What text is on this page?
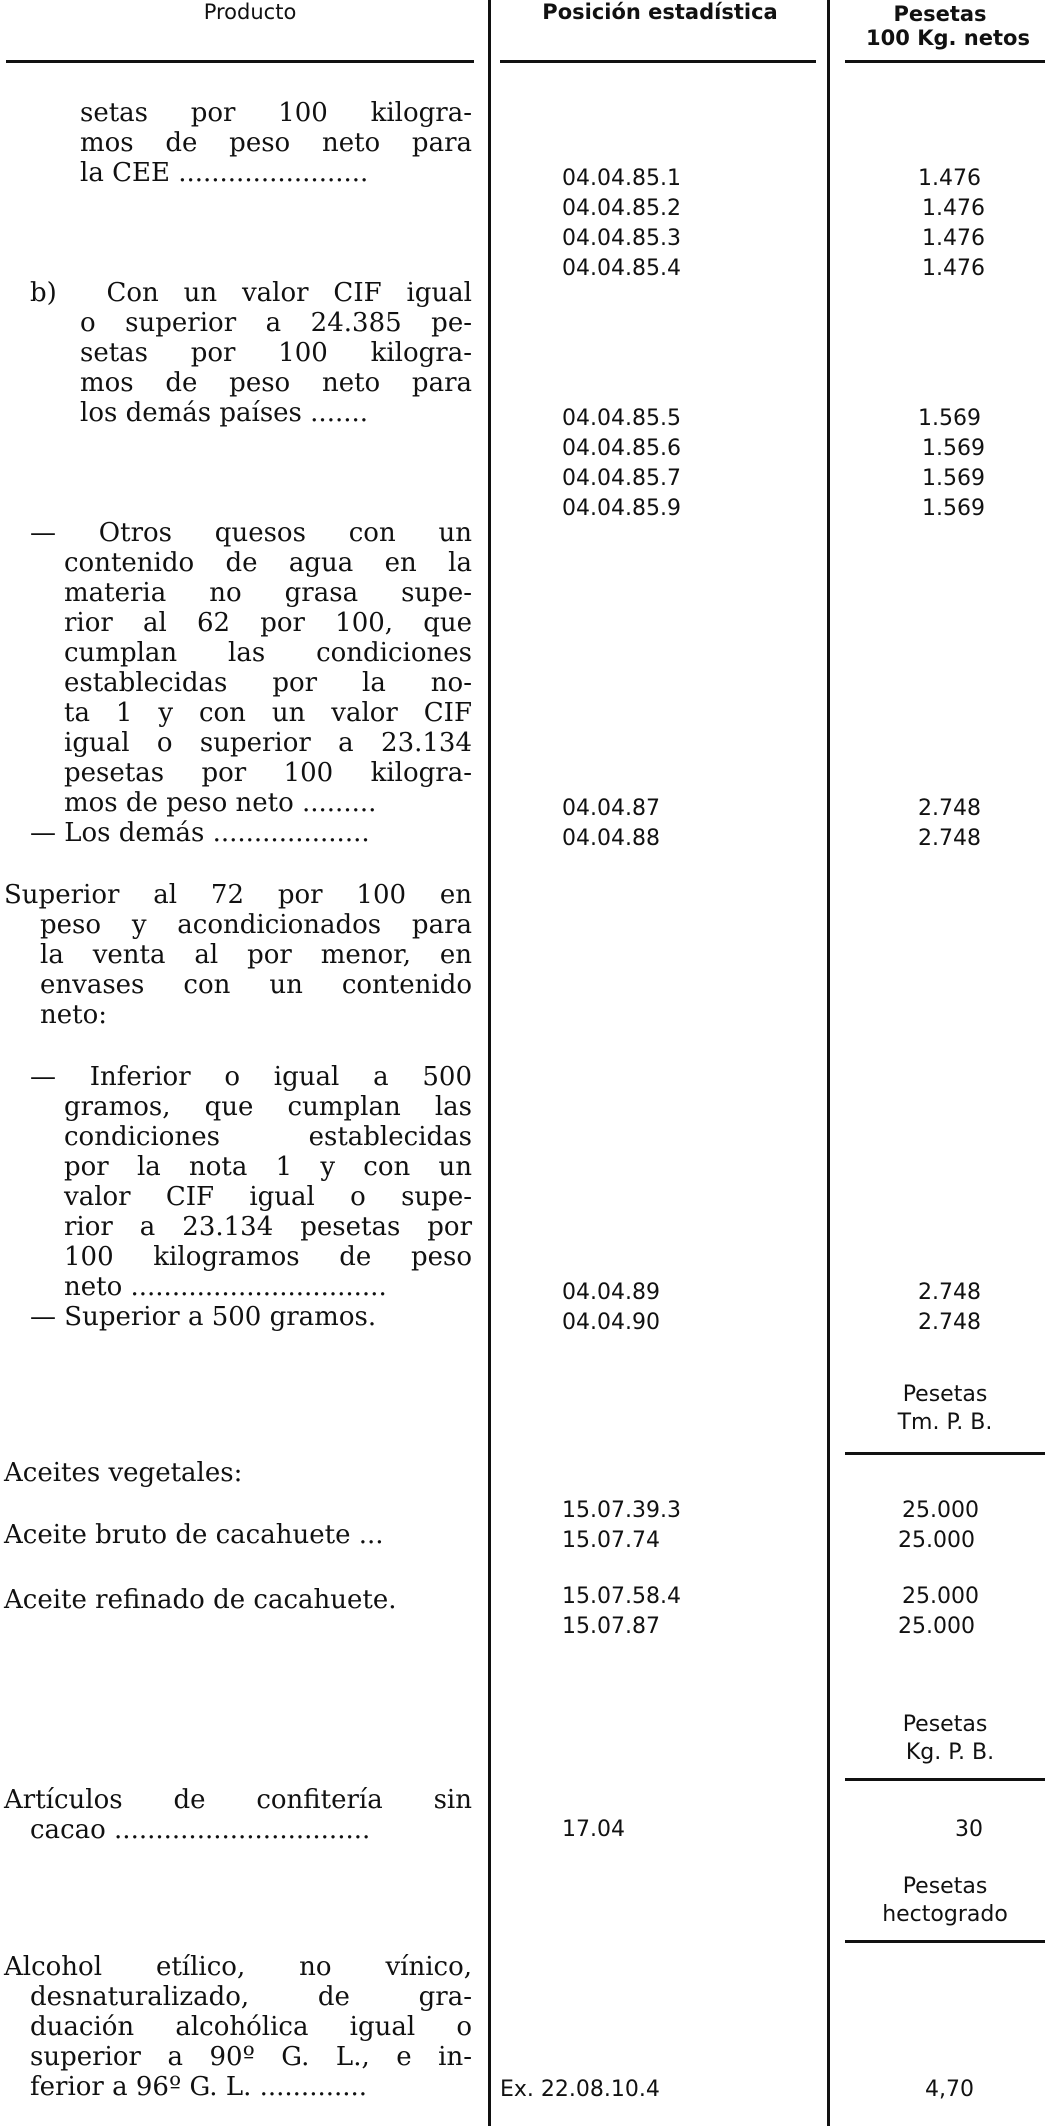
Producto	Posición estadística	Pesetas
100 Kg. netos
setas por 100 kilogra-
mos de peso neto para
la CEE .......................
b)  Con un valor CIF igual
o superior a 24.385 pe-
setas por 100 kilogra-
mos de peso neto para
los demás países .......
— Otros quesos con un
contenido de agua en la
materia no grasa supe-
rior al 62 por 100, que
cumplan las condiciones
establecidas por la no-
ta 1 y con un valor CIF
igual o superior a 23.134
pesetas por 100 kilogra-
mos de peso neto .........
— Los demás ...................
Superior al 72 por 100 en
peso y acondicionados para
la venta al por menor, en
envases con un contenido
neto:
— Inferior o igual a 500
gramos, que cumplan las
condiciones establecidas
por la nota 1 y con un
valor CIF igual o supe-
rior a 23.134 pesetas por
100 kilogramos de peso
neto ...............................
— Superior a 500 gramos.
Aceites vegetales:
Aceite bruto de cacahuete ...
Aceite refinado de cacahuete.
Artículos de confitería sin
cacao ...............................
Alcohol etílico, no vínico,
desnaturalizado, de gra-
duación alcohólica igual o
superior a 90º G. L., e in-
ferior a 96º G. L. .............
04.04.85.1
04.04.85.2
04.04.85.3
04.04.85.4
04.04.85.5
04.04.85.6
04.04.85.7
04.04.85.9
04.04.87
04.04.88
04.04.89
04.04.90
15.07.39.3
15.07.74
15.07.58.4
15.07.87
17.04
Ex. 22.08.10.4
1.476
1.476
1.476
1.476
1.569
1.569
1.569
1.569
2.748
2.748
2.748
2.748
Pesetas
Tm. P. B.
25.000
25.000
25.000
25.000
Pesetas
Kg. P. B.
30
Pesetas
hectogrado
4,70
